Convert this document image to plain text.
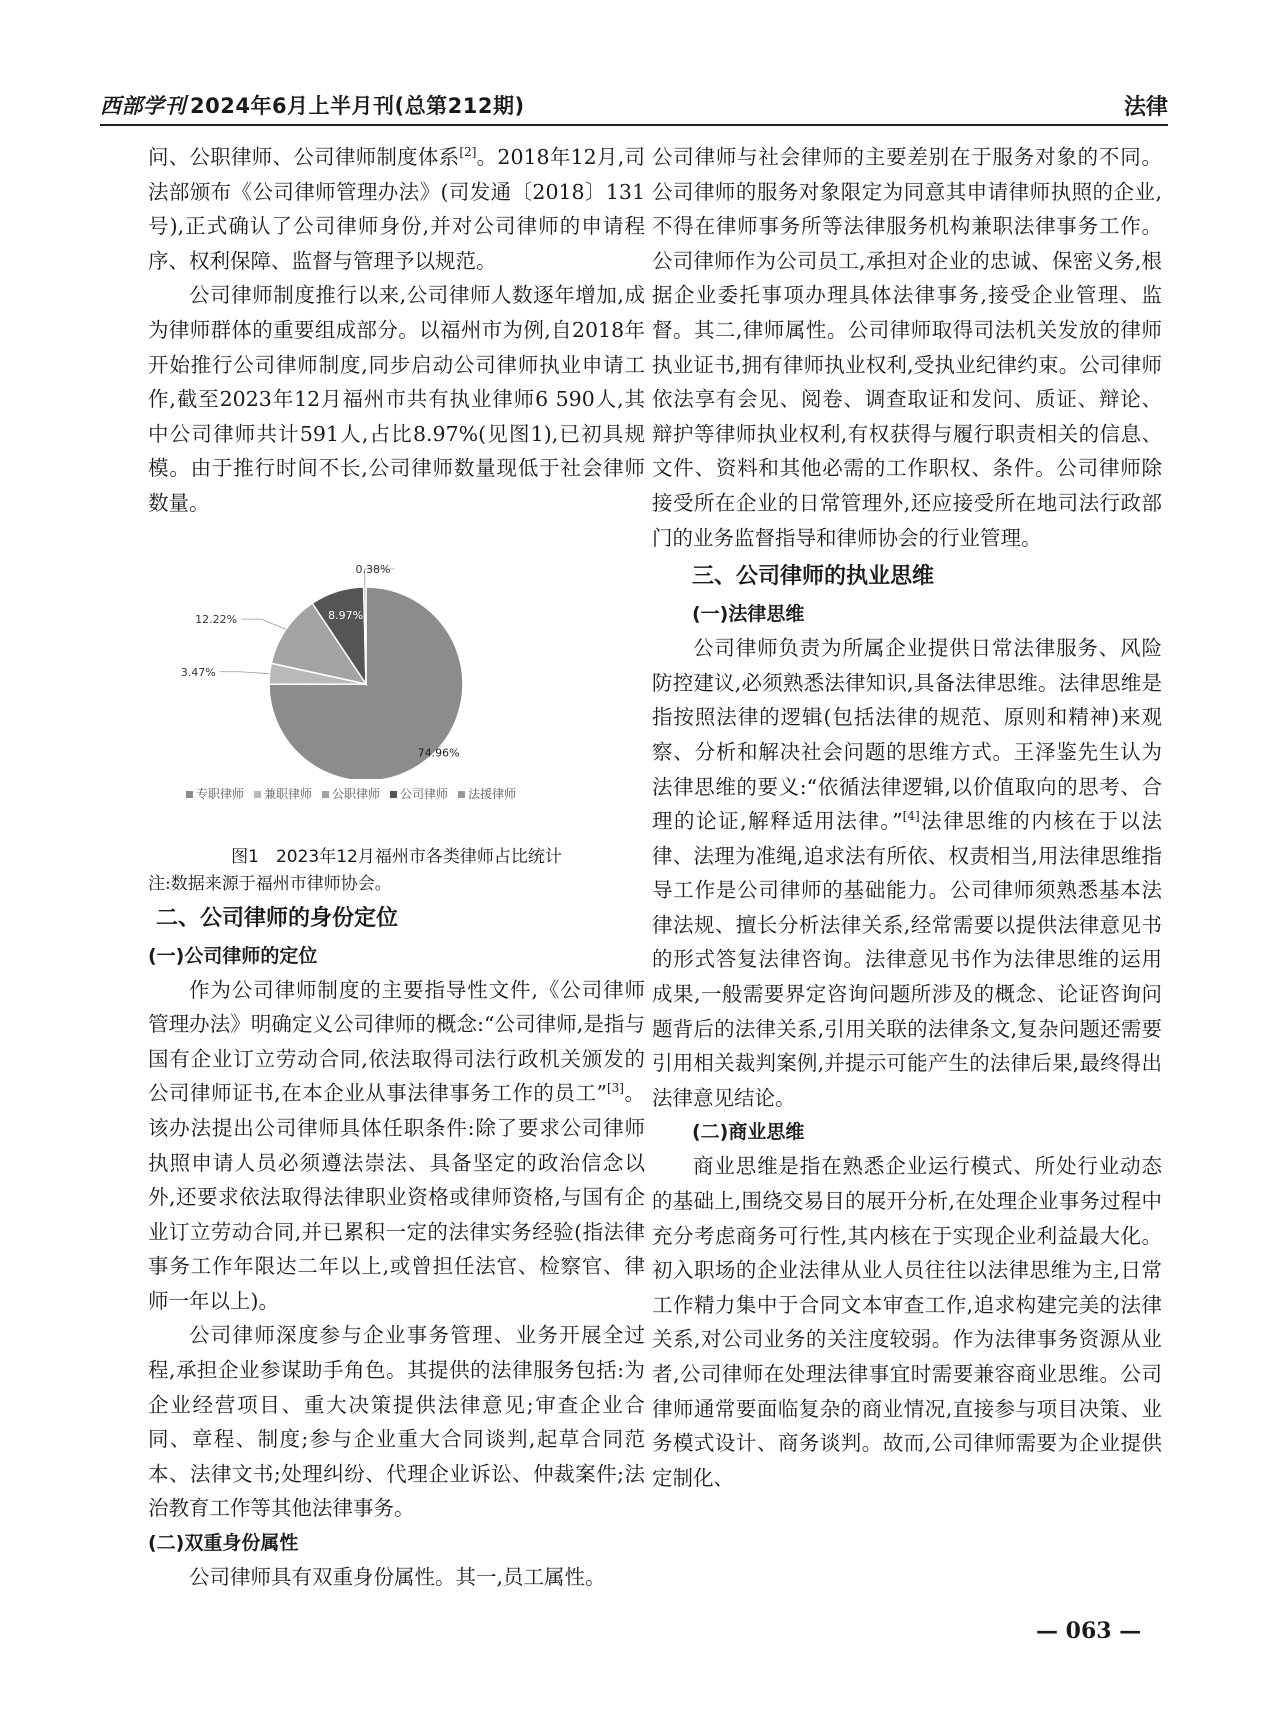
西部学刊 2024年6月上半月刊(总第212期)	法律

问、公职律师、公司律师制度体系[2]。2018年12月,司法部颁布《公司律师管理办法》(司发通〔2018〕131号),正式确认了公司律师身份,并对公司律师的申请程序、权利保障、监督与管理予以规范。

公司律师制度推行以来,公司律师人数逐年增加,成为律师群体的重要组成部分。以福州市为例,自2018年开始推行公司律师制度,同步启动公司律师执业申请工作,截至2023年12月福州市共有执业律师6 590人,其中公司律师共计591人,占比8.97%(见图1),已初具规模。由于推行时间不长,公司律师数量现低于社会律师数量。

74.96%
3.47%
12.22%	8.97%
0.38%
专职律师 兼职律师 公职律师 公司律师 法援律师
图1　2023年12月福州市各类律师占比统计
注:数据来源于福州市律师协会。
二、公司律师的身份定位
(一)公司律师的定位

作为公司律师制度的主要指导性文件,《公司律师管理办法》明确定义公司律师的概念:“公司律师,是指与国有企业订立劳动合同,依法取得司法行政机关颁发的公司律师证书,在本企业从事法律事务工作的员工”[3]。该办法提出公司律师具体任职条件:除了要求公司律师执照申请人员必须遵法崇法、具备坚定的政治信念以外,还要求依法取得法律职业资格或律师资格,与国有企业订立劳动合同,并已累积一定的法律实务经验(指法律事务工作年限达二年以上,或曾担任法官、检察官、律师一年以上)。

公司律师深度参与企业事务管理、业务开展全过程,承担企业参谋助手角色。其提供的法律服务包括:为企业经营项目、重大决策提供法律意见;审查企业合同、章程、制度;参与企业重大合同谈判,起草合同范本、法律文书;处理纠纷、代理企业诉讼、仲裁案件;法治教育工作等其他法律事务。

(二)双重身份属性

公司律师具有双重身份属性。其一,员工属性。

公司律师与社会律师的主要差别在于服务对象的不同。公司律师的服务对象限定为同意其申请律师执照的企业,不得在律师事务所等法律服务机构兼职法律事务工作。公司律师作为公司员工,承担对企业的忠诚、保密义务,根据企业委托事项办理具体法律事务,接受企业管理、监督。其二,律师属性。公司律师取得司法机关发放的律师执业证书,拥有律师执业权利,受执业纪律约束。公司律师依法享有会见、阅卷、调查取证和发问、质证、辩论、辩护等律师执业权利,有权获得与履行职责相关的信息、文件、资料和其他必需的工作职权、条件。公司律师除接受所在企业的日常管理外,还应接受所在地司法行政部门的业务监督指导和律师协会的行业管理。

三、公司律师的执业思维
(一)法律思维

公司律师负责为所属企业提供日常法律服务、风险防控建议,必须熟悉法律知识,具备法律思维。法律思维是指按照法律的逻辑(包括法律的规范、原则和精神)来观察、分析和解决社会问题的思维方式。王泽鉴先生认为法律思维的要义:“依循法律逻辑,以价值取向的思考、合理的论证,解释适用法律。”[4]法律思维的内核在于以法律、法理为准绳,追求法有所依、权责相当,用法律思维指导工作是公司律师的基础能力。公司律师须熟悉基本法律法规、擅长分析法律关系,经常需要以提供法律意见书的形式答复法律咨询。法律意见书作为法律思维的运用成果,一般需要界定咨询问题所涉及的概念、论证咨询问题背后的法律关系,引用关联的法律条文,复杂问题还需要引用相关裁判案例,并提示可能产生的法律后果,最终得出法律意见结论。

(二)商业思维

商业思维是指在熟悉企业运行模式、所处行业动态的基础上,围绕交易目的展开分析,在处理企业事务过程中充分考虑商务可行性,其内核在于实现企业利益最大化。初入职场的企业法律从业人员往往以法律思维为主,日常工作精力集中于合同文本审查工作,追求构建完美的法律关系,对公司业务的关注度较弱。作为法律事务资源从业者,公司律师在处理法律事宜时需要兼容商业思维。公司律师通常要面临复杂的商业情况,直接参与项目决策、业务模式设计、商务谈判。故而,公司律师需要为企业提供定制化、

— 063 —
